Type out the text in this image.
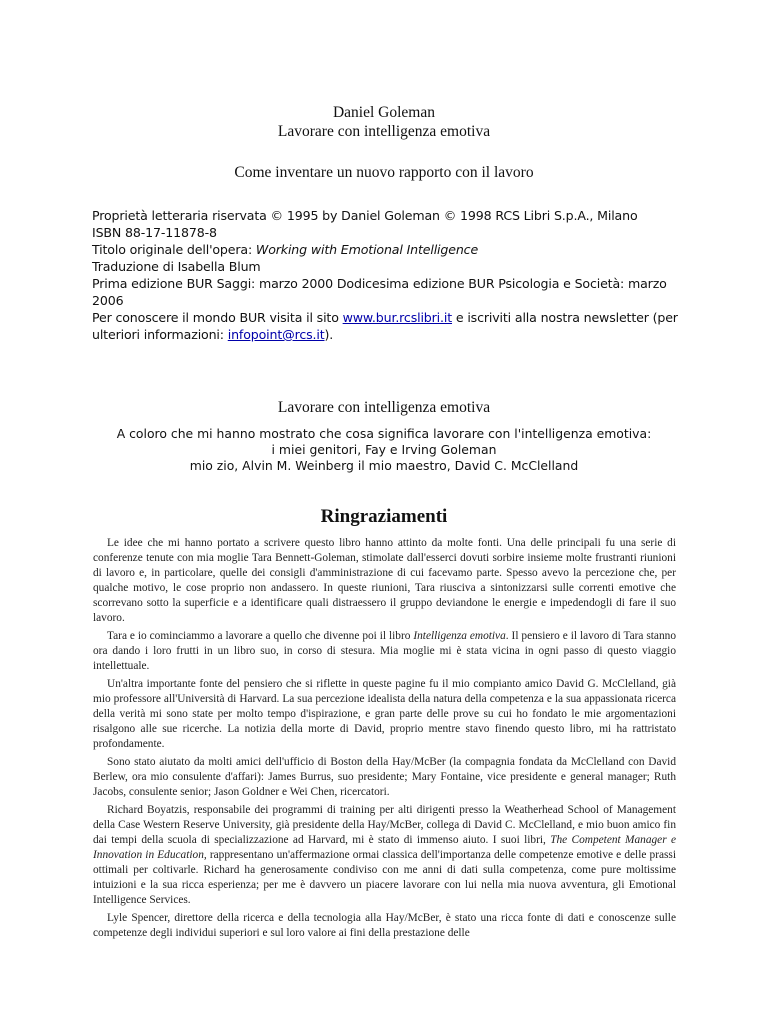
Daniel Goleman

Lavorare con intelligenza emotiva

Come inventare un nuovo rapporto con il lavoro

Proprietà letteraria riservata © 1995 by Daniel Goleman © 1998 RCS Libri S.p.A., Milano

ISBN 88-17-11878-8

Titolo originale dell'opera: Working with Emotional Intelligence

Traduzione di Isabella Blum

Prima edizione BUR Saggi: marzo 2000 Dodicesima edizione BUR Psicologia e Società: marzo 2006

Per conoscere il mondo BUR visita il sito www.bur.rcslibri.it e iscriviti alla nostra newsletter (per ulteriori informazioni: infopoint@rcs.it).

Lavorare con intelligenza emotiva

A coloro che mi hanno mostrato che cosa significa lavorare con l'intelligenza emotiva:

i miei genitori, Fay e Irving Goleman

mio zio, Alvin M. Weinberg il mio maestro, David C. McClelland

Ringraziamenti

Le idee che mi hanno portato a scrivere questo libro hanno attinto da molte fonti. Una delle principali fu una serie di conferenze tenute con mia moglie Tara Bennett-Goleman, stimolate dall'esserci dovuti sorbire insieme molte frustranti riunioni di lavoro e, in particolare, quelle dei consigli d'amministrazione di cui facevamo parte. Spesso avevo la percezione che, per qualche motivo, le cose proprio non andassero. In queste riunioni, Tara riusciva a sintonizzarsi sulle correnti emotive che scorrevano sotto la superficie e a identificare quali distraessero il gruppo deviandone le energie e impedendogli di fare il suo lavoro.

Tara e io cominciammo a lavorare a quello che divenne poi il libro Intelligenza emotiva. Il pensiero e il lavoro di Tara stanno ora dando i loro frutti in un libro suo, in corso di stesura. Mia moglie mi è stata vicina in ogni passo di questo viaggio intellettuale.

Un'altra importante fonte del pensiero che si riflette in queste pagine fu il mio compianto amico David G. McClelland, già mio professore all'Università di Harvard. La sua percezione idealista della natura della competenza e la sua appassionata ricerca della verità mi sono state per molto tempo d'ispirazione, e gran parte delle prove su cui ho fondato le mie argomentazioni risalgono alle sue ricerche. La notizia della morte di David, proprio mentre stavo finendo questo libro, mi ha rattristato profondamente.

Sono stato aiutato da molti amici dell'ufficio di Boston della Hay/McBer (la compagnia fondata da McClelland con David Berlew, ora mio consulente d'affari): James Burrus, suo presidente; Mary Fontaine, vice presidente e general manager; Ruth Jacobs, consulente senior; Jason Goldner e Wei Chen, ricercatori.

Richard Boyatzis, responsabile dei programmi di training per alti dirigenti presso la Weatherhead School of Management della Case Western Reserve University, già presidente della Hay/McBer, collega di David C. McClelland, e mio buon amico fin dai tempi della scuola di specializzazione ad Harvard, mi è stato di immenso aiuto. I suoi libri, The Competent Manager e Innovation in Education, rappresentano un'affermazione ormai classica dell'importanza delle competenze emotive e delle prassi ottimali per coltivarle. Richard ha generosamente condiviso con me anni di dati sulla competenza, come pure moltissime intuizioni e la sua ricca esperienza; per me è davvero un piacere lavorare con lui nella mia nuova avventura, gli Emotional Intelligence Services.

Lyle Spencer, direttore della ricerca e della tecnologia alla Hay/McBer, è stato una ricca fonte di dati e conoscenze sulle competenze degli individui superiori e sul loro valore ai fini della prestazione delle
